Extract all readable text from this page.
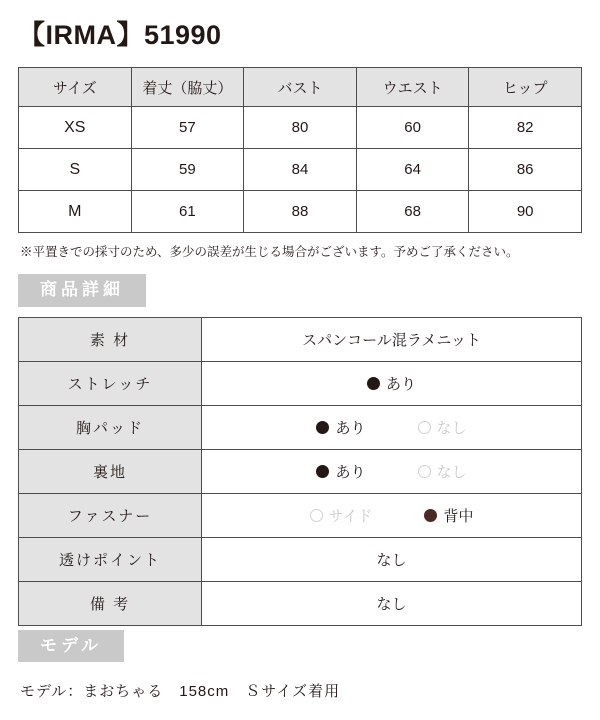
【IRMA】51990
サイズ	着丈（脇丈）	バスト	ウエスト	ヒップ
XS	57	80	60	82
S	59	84	64	86
M	61	88	68	90
※平置きでの採寸のため、多少の誤差が生じる場合がございます。予めご了承ください。
商品詳細
素 材	スパンコール混ラメニット
ストレッチ	あり

胸パッド	あり なし

裏地	あり なし

ファスナー	サイド 背中

透けポイント	なし
備 考	なし
モデル
モデル：まおちゃる　158cm　Ｓサイズ着用
